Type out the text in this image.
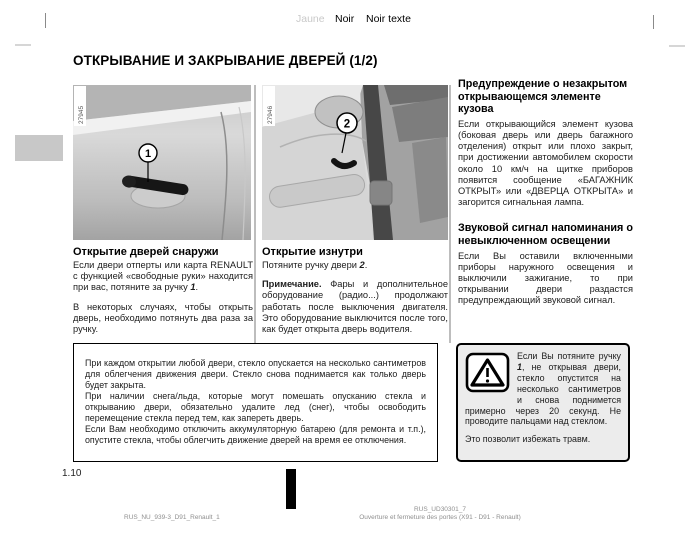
Jaune Noir Noir texte
ОТКРЫВАНИЕ И ЗАКРЫВАНИЕ ДВЕРЕЙ (1/2)
1
27945
2
27946

Открытие дверей снаружи

Если двери отперты или карта RENAULT с функцией «свободные руки» находится при вас, потяните за ручку 1.

В некоторых случаях, чтобы открыть дверь, необходимо потянуть два раза за ручку.

Открытие изнутри

Потяните ручку двери 2.

Примечание. Фары и дополнительное оборудование (радио...) продолжают работать после выключения двигателя. Это оборудование выключится после того, как будет открыта дверь водителя.

Предупреждение о незакрытом открывающемся элементе кузова

Если открывающийся элемент кузова (боковая дверь или дверь багажного отделения) открыт или плохо закрыт, при достижении автомобилем скорости около 10 км/ч на щитке приборов появится сообщение «БАГАЖНИК ОТКРЫТ» или «ДВЕРЦА ОТКРЫТА» и загорится сигнальная лампа.

Звуковой сигнал напоминания о невыключенном освещении

Если Вы оставили включенными приборы наружного освещения и выключили зажигание, то при открывании двери раздастся предупреждающий звуковой сигнал.

При каждом открытии любой двери, стекло опускается на несколько сантиметров для облегчения движения двери. Стекло снова поднимается как только дверь будет закрыта.

При наличии снега/льда, которые могут помешать опусканию стекла и открыванию двери, обязательно удалите лед (снег), чтобы освободить перемещение стекла перед тем, как запереть дверь.

Если Вам необходимо отключить аккумуляторную батарею (для ремонта и т.п.), опустите стекла, чтобы облегчить движение дверей на время ее отключения.

Если Вы потяните ручку 1, не открывая двери, стекло опустится на несколько сантиметров и снова поднимется примерно через 20 секунд. Не проводите пальцами над стеклом.

Это позволит избежать травм.

1.10
RUS_NU_939-3_D91_Renault_1
RUS_UD30301_7
Ouverture et fermeture des portes (X91 - D91 - Renault)
